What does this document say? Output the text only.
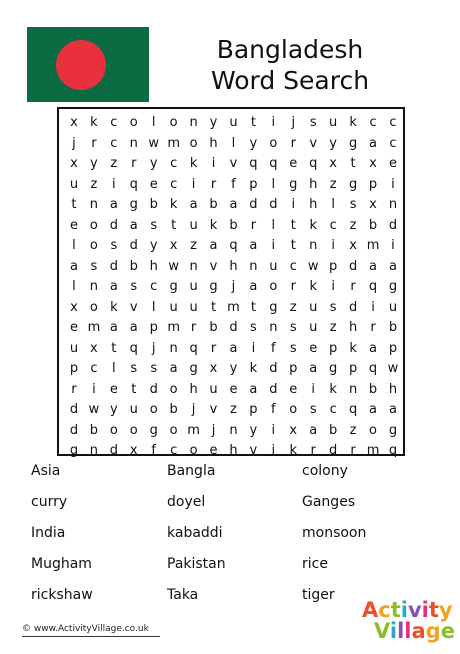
Bangladesh
Word Search
x k c o	l	o n y u	t	i	j	s u k c c
j	r	c n w m o h	l	y o	r	v y g a c
x y z	r	y c k	i	v q q e q x	t	x e
u z	i	q e c	i	r	f	p	l	g h z g p	i
t	n a g b k a b a d d	i	h	l	s x n
e o d a s	t	u k b	r	l	t	k c z b d
l	o s d y x z a q a	i	t	n	i	x m i
a s d b h w n v h n u c w p d a a
l	n a s c g u g	j	a o	r	k	i	r	q g
x o k v	l	u u	t m t	g z u s d	i	u
e m a a p m r	b d s n s u z h	r	b
u x	t	q	j	n q	r	a	i	f	s e p k a p
p c	l	s	s a g x y k d p a g p q w
r	i	e	t	d o h u e a d e	i	k n b h
d w y u o b	j	v z p	f	o s c q a a
d b o o g o m j	n y	i	x a b z o g
g n d x	f	c o e h v	i	k	r	d	r m q
Asia	Bangla	colony
curry	doyel	Ganges
India	kabaddi	monsoon
Mugham	Pakistan	rice
rickshaw	Taka	tiger
© www.ActivityVillage.co.uk
Activity
Village
